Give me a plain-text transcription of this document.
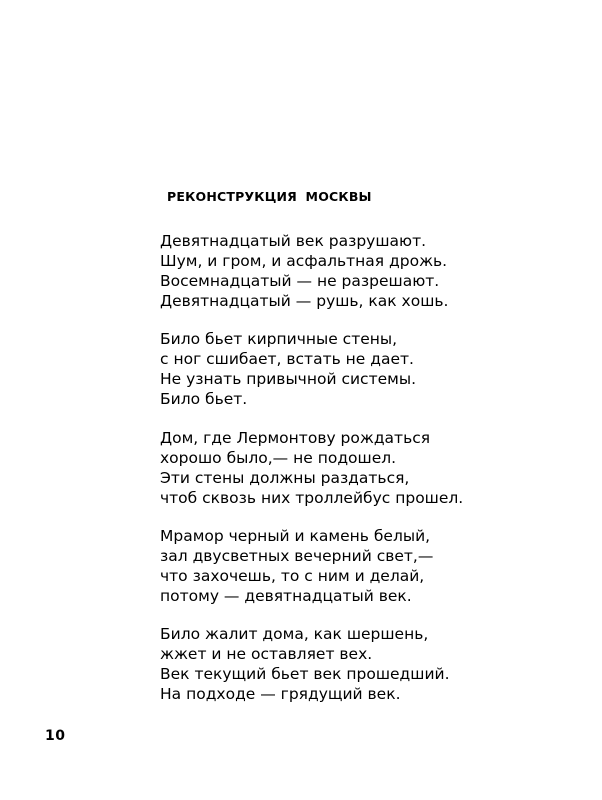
РЕКОНСТРУКЦИЯ МОСКВЫ
Девятнадцатый век разрушают.
Шум, и гром, и асфальтная дрожь.
Восемнадцатый — не разрешают.
Девятнадцатый — рушь, как хошь.
Било бьет кирпичные стены,
с ног сшибает, встать не дает.
Не узнать привычной системы.
Било бьет.
Дом, где Лермонтову рождаться
хорошо было,— не подошел.
Эти стены должны раздаться,
чтоб сквозь них троллейбус прошел.
Мрамор черный и камень белый,
зал двусветных вечерний свет,—
что захочешь, то с ним и делай,
потому — девятнадцатый век.
Било жалит дома, как шершень,
жжет и не оставляет вех.
Век текущий бьет век прошедший.
На подходе — грядущий век.
10
